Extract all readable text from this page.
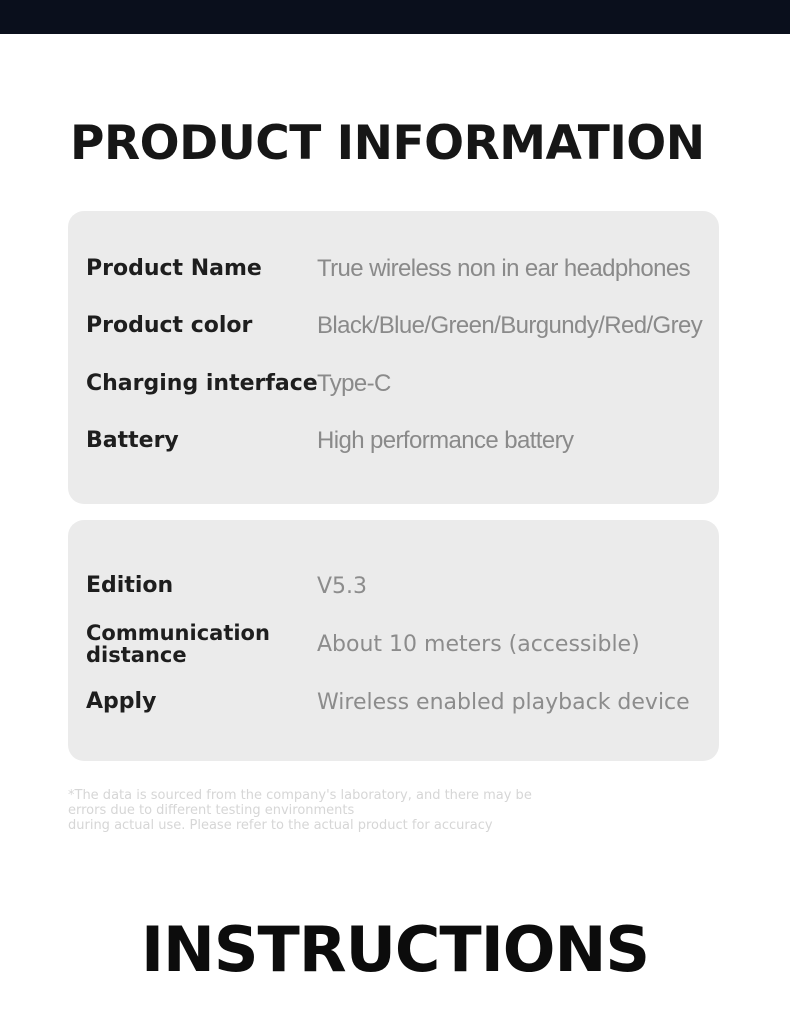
PRODUCT INFORMATION
Product Name	True wireless non in ear headphones
Product color	Black/Blue/Green/Burgundy/Red/Grey
Charging interface Type-C
Battery	High performance battery
Edition	V5.3
Communication distance	About 10 meters (accessible)
Apply	Wireless enabled playback device
*The data is sourced from the company's laboratory, and there may be
errors due to different testing environments
during actual use. Please refer to the actual product for accuracy
INSTRUCTIONS
